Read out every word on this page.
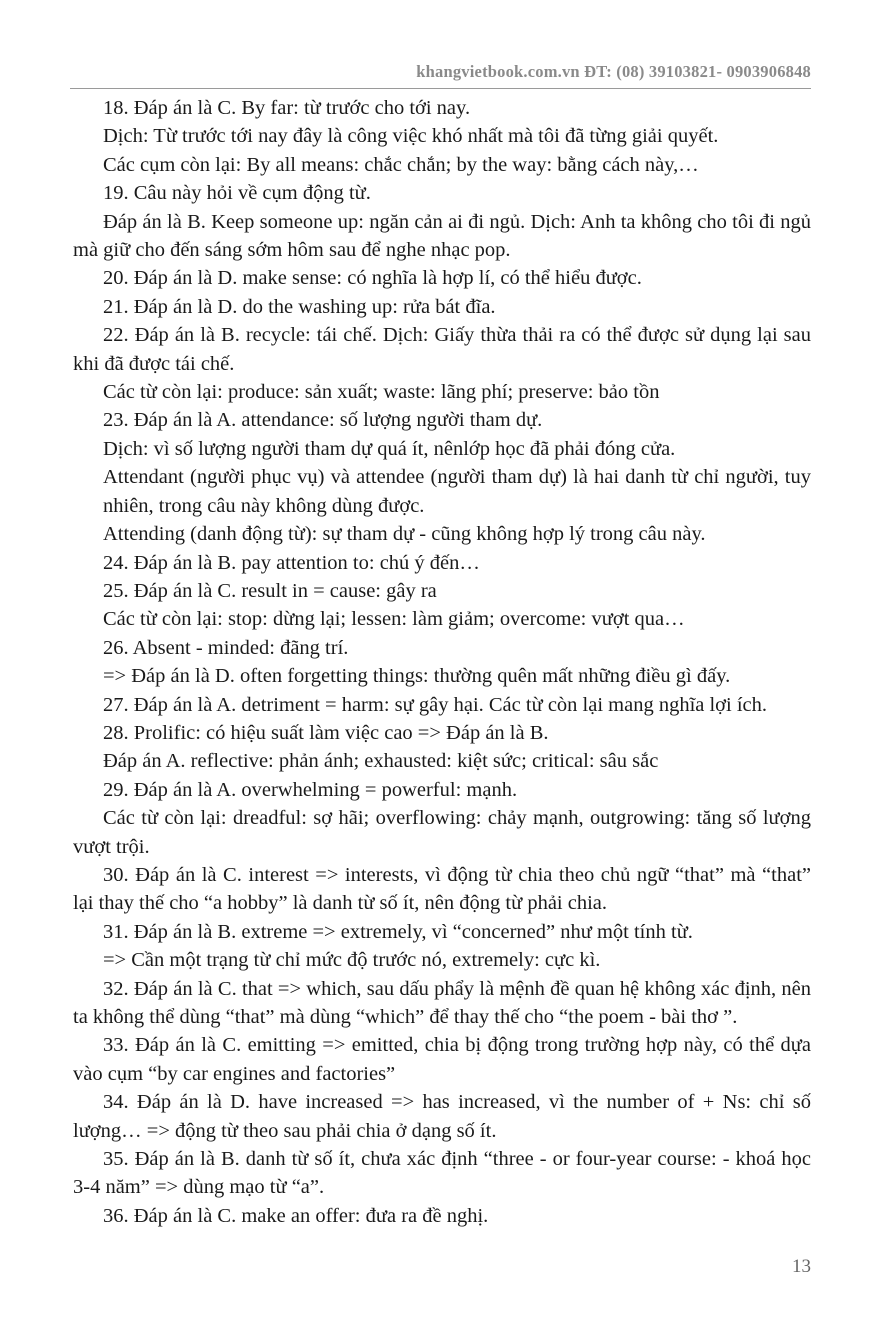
khangvietbook.com.vn ĐT: (08) 39103821- 0903906848

18. Đáp án là C. By far: từ trước cho tới nay.

Dịch: Từ trước tới nay đây là công việc khó nhất mà tôi đã từng giải quyết.

Các cụm còn lại: By all means: chắc chắn; by the way: bằng cách này,…

19. Câu này hỏi về cụm động từ.

Đáp án là B. Keep someone up: ngăn cản ai đi ngủ. Dịch: Anh ta không cho tôi đi ngủ mà giữ cho đến sáng sớm hôm sau để nghe nhạc pop.

20. Đáp án là D. make sense: có nghĩa là hợp lí, có thể hiểu được.

21. Đáp án là D. do the washing up: rửa bát đĩa.

22. Đáp án là B. recycle: tái chế. Dịch: Giấy thừa thải ra có thể được sử dụng lại sau khi đã được tái chế.

Các từ còn lại: produce: sản xuất; waste: lãng phí; preserve: bảo tồn

23. Đáp án là A. attendance: số lượng người tham dự.

Dịch: vì số lượng người tham dự quá ít, nênlớp học đã phải đóng cửa.

Attendant (người phục vụ) và attendee (người tham dự) là hai danh từ chỉ người, tuy nhiên, trong câu này không dùng được.

Attending (danh động từ): sự tham dự - cũng không hợp lý trong câu này.

24. Đáp án là B. pay attention to: chú ý đến…

25. Đáp án là C. result in = cause: gây ra

Các từ còn lại: stop: dừng lại; lessen: làm giảm; overcome: vượt qua…

26. Absent - minded: đãng trí.

=> Đáp án là D. often forgetting things: thường quên mất những điều gì đấy.

27. Đáp án là A. detriment = harm: sự gây hại. Các từ còn lại mang nghĩa lợi ích.

28. Prolific: có hiệu suất làm việc cao => Đáp án là B.

Đáp án A. reflective: phản ánh; exhausted: kiệt sức; critical: sâu sắc

29. Đáp án là A. overwhelming = powerful: mạnh.

Các từ còn lại: dreadful: sợ hãi; overflowing: chảy mạnh, outgrowing: tăng số lượng vượt trội.

30. Đáp án là C. interest => interests, vì động từ chia theo chủ ngữ “that” mà “that” lại thay thế cho “a hobby” là danh từ số ít, nên động từ phải chia.

31. Đáp án là B. extreme => extremely, vì “concerned” như một tính từ.

=> Cần một trạng từ chỉ mức độ trước nó, extremely: cực kì.

32. Đáp án là C. that => which, sau dấu phẩy là mệnh đề quan hệ không xác định, nên ta không thể dùng “that” mà dùng “which” để thay thế cho “the poem - bài thơ ”.

33. Đáp án là C. emitting => emitted, chia bị động trong trường hợp này, có thể dựa vào cụm “by car engines and factories”

34. Đáp án là D. have increased => has increased, vì the number of + Ns: chỉ số lượng… => động từ theo sau phải chia ở dạng số ít.

35. Đáp án là B. danh từ số ít, chưa xác định “three - or four-year course: - khoá học 3-4 năm” => dùng mạo từ “a”.

36. Đáp án là C. make an offer: đưa ra đề nghị.

13
